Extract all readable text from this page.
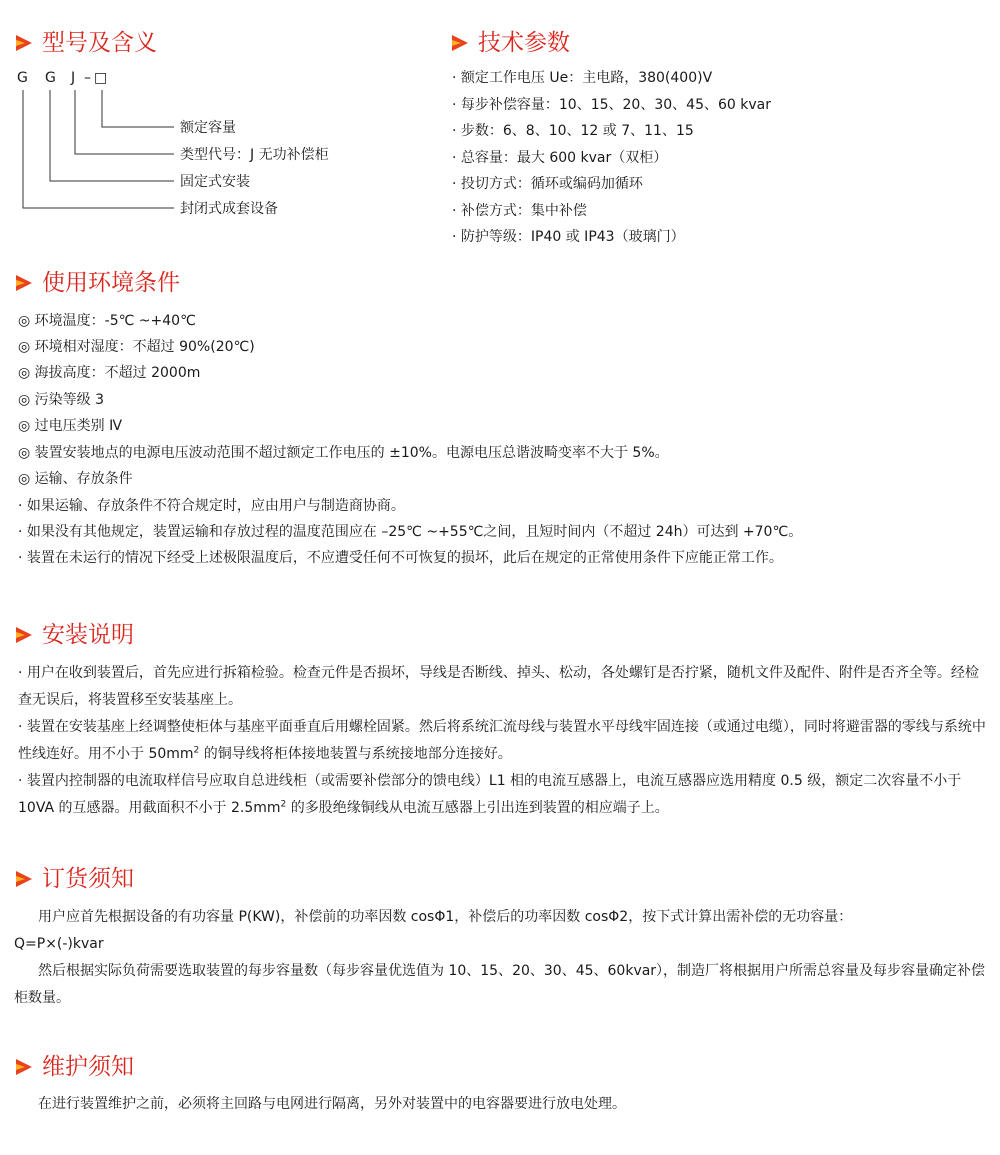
型号及含义
G G J – □
额定容量
类型代号：J 无功补偿柜
固定式安装
封闭式成套设备
技术参数
· 额定工作电压 Ue：主电路，380(400)V
· 每步补偿容量：10、15、20、30、45、60 kvar
· 步数：6、8、10、12 或 7、11、15
· 总容量：最大 600 kvar（双柜）
· 投切方式：循环或编码加循环
· 补偿方式：集中补偿
· 防护等级：IP40 或 IP43（玻璃门）
使用环境条件
◎ 环境温度：-5℃ ~+40℃
◎ 环境相对湿度：不超过 90%(20℃)
◎ 海拔高度：不超过 2000m
◎ 污染等级 3
◎ 过电压类别 Ⅳ
◎ 装置安装地点的电源电压波动范围不超过额定工作电压的 ±10%。电源电压总谐波畸变率不大于 5%。
◎ 运输、存放条件
· 如果运输、存放条件不符合规定时，应由用户与制造商协商。
· 如果没有其他规定，装置运输和存放过程的温度范围应在 –25℃ ~+55℃之间，且短时间内（不超过 24h）可达到 +70℃。
· 装置在未运行的情况下经受上述极限温度后，不应遭受任何不可恢复的损坏，此后在规定的正常使用条件下应能正常工作。
安装说明
· 用户在收到装置后，首先应进行拆箱检验。检查元件是否损坏，导线是否断线、掉头、松动，各处螺钉是否拧紧，随机文件及配件、附件是否齐全等。经检查无误后，将装置移至安装基座上。
· 装置在安装基座上经调整使柜体与基座平面垂直后用螺栓固紧。然后将系统汇流母线与装置水平母线牢固连接（或通过电缆），同时将避雷器的零线与系统中性线连好。用不小于 $50mm^2$ 的铜导线将柜体接地装置与系统接地部分连接好。
· 装置内控制器的电流取样信号应取自总进线柜（或需要补偿部分的馈电线）L1 相的电流互感器上，电流互感器应选用精度 0.5 级，额定二次容量不小于 10VA 的互感器。用截面积不小于 $2.5mm^2$ 的多股绝缘铜线从电流互感器上引出连到装置的相应端子上。
订货须知
用户应首先根据设备的有功容量 P(KW)，补偿前的功率因数 cosΦ1，补偿后的功率因数 cosΦ2，按下式计算出需补偿的无功容量：
Q=P×(-)kvar
然后根据实际负荷需要选取装置的每步容量数（每步容量优选值为 10、15、20、30、45、60kvar），制造厂将根据用户所需总容量及每步容量确定补偿柜数量。
维护须知
在进行装置维护之前，必须将主回路与电网进行隔离，另外对装置中的电容器要进行放电处理。
